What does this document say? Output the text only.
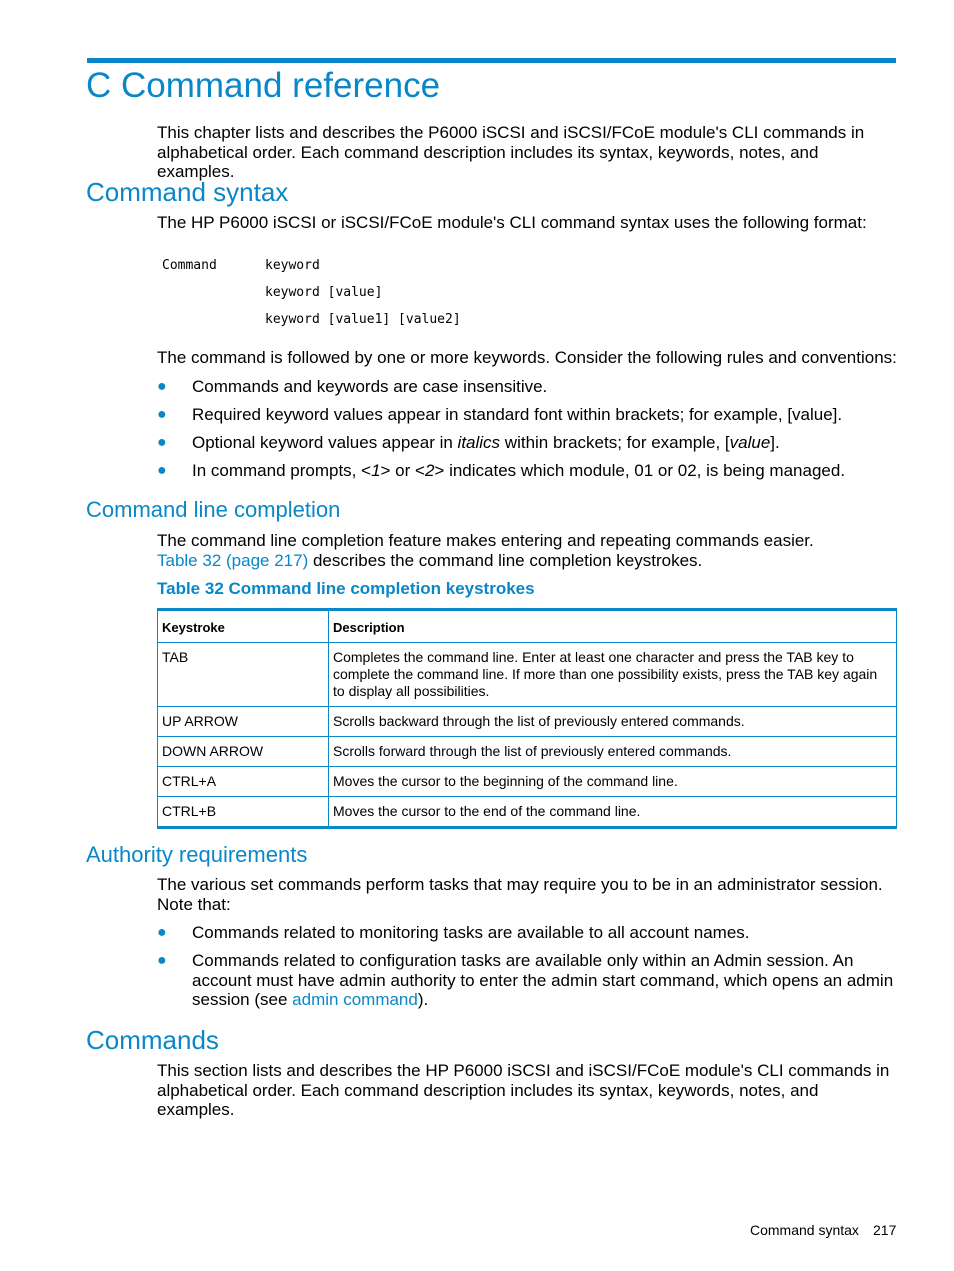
C Command reference

This chapter lists and describes the P6000 iSCSI and iSCSI/FCoE module's CLI commands in alphabetical order. Each command description includes its syntax, keywords, notes, and examples.

Command syntax

The HP P6000 iSCSI or iSCSI/FCoE module's CLI command syntax uses the following format:

Command	keyword
keyword [value]
keyword [value1] [value2]

The command is followed by one or more keywords. Consider the following rules and conventions:

● Commands and keywords are case insensitive.
● Required keyword values appear in standard font within brackets; for example, [value].
● Optional keyword values appear in italics within brackets; for example, [value].
● In command prompts, <1> or <2> indicates which module, 01 or 02, is being managed.
Command line completion

The command line completion feature makes entering and repeating commands easier.
Table 32 (page 217) describes the command line completion keystrokes.

Table 32 Command line completion keystrokes

Keystroke	Description
TAB	Completes the command line. Enter at least one character and press the TAB key to complete the command line. If more than one possibility exists, press the TAB key again to display all possibilities.
UP ARROW	Scrolls backward through the list of previously entered commands.
DOWN ARROW	Scrolls forward through the list of previously entered commands.
CTRL+A	Moves the cursor to the beginning of the command line.
CTRL+B	Moves the cursor to the end of the command line.
Authority requirements

The various set commands perform tasks that may require you to be in an administrator session. Note that:

● Commands related to monitoring tasks are available to all account names.
● Commands related to configuration tasks are available only within an Admin session. An account must have admin authority to enter the admin start command, which opens an admin session (see admin command).
Commands

This section lists and describes the HP P6000 iSCSI and iSCSI/FCoE module's CLI commands in alphabetical order. Each command description includes its syntax, keywords, notes, and examples.

Command syntax 217
